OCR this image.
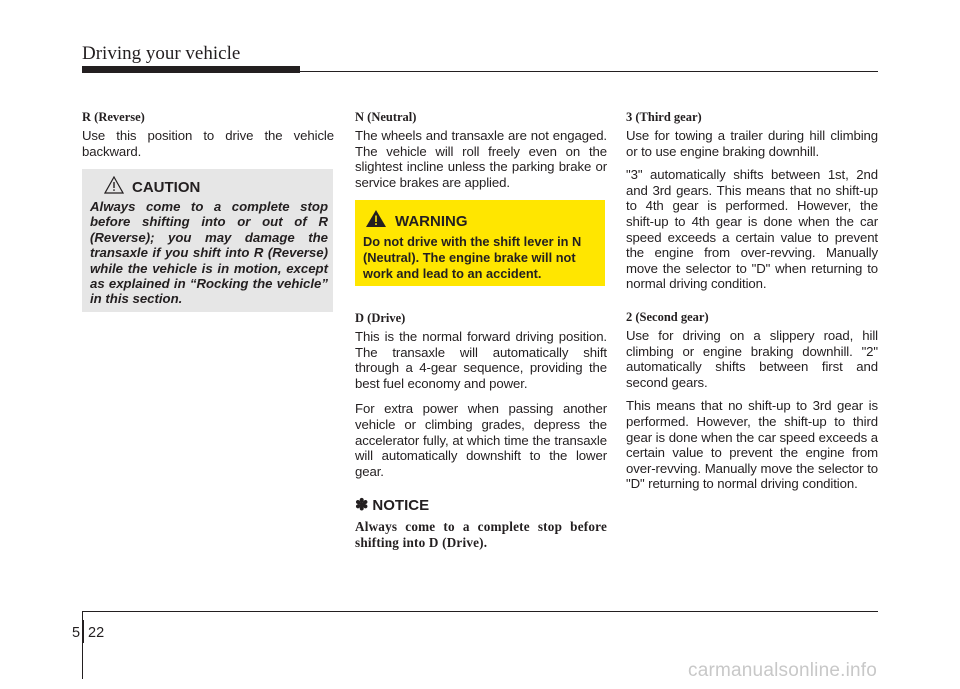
Driving your vehicle
R (Reverse)

Use this position to drive the vehicle backward.

CAUTION
Always come to a complete stop before shifting into or out of R (Reverse); you may damage the transaxle if you shift into R (Reverse) while the vehicle is in motion, except as explained in “Rocking the vehicle” in this section.
N (Neutral)

The wheels and transaxle are not engaged. The vehicle will roll freely even on the slightest incline unless the parking brake or service brakes are applied.

WARNING
Do not drive with the shift lever in N (Neutral). The engine brake will not work and lead to an accident.
D (Drive)

This is the normal forward driving position. The transaxle will automatically shift through a 4-gear sequence, providing the best fuel economy and power.

For extra power when passing another vehicle or climbing grades, depress the accelerator fully, at which time the transaxle will automatically downshift to the lower gear.

✽ NOTICE
Always come to a complete stop before shifting into D (Drive).
3 (Third gear)

Use for towing a trailer during hill climbing or to use engine braking downhill.

"3" automatically shifts between 1st, 2nd and 3rd gears. This means that no shift-up to 4th gear is performed. However, the shift-up to 4th gear is done when the car speed exceeds a certain value to prevent the engine from over-revving. Manually move the selector to "D" when returning to normal driving condition.

2 (Second gear)

Use for driving on a slippery road, hill climbing or engine braking downhill. "2" automatically shifts between first and second gears.

This means that no shift-up to 3rd gear is performed. However, the shift-up to third gear is done when the car speed exceeds a certain value to prevent the engine from over-revving. Manually move the selector to "D" returning to normal driving condition.

5 22
carmanualsonline.info
